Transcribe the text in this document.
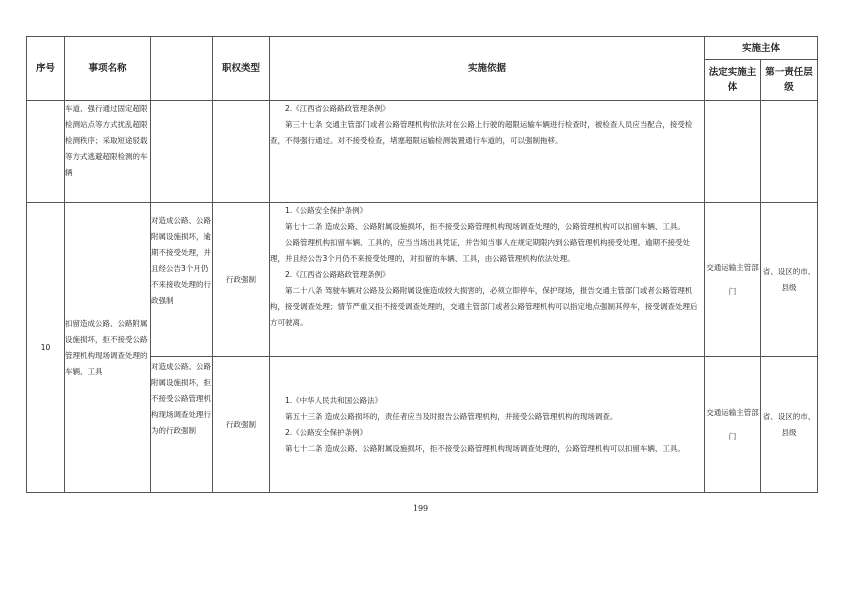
序号	事项名称		职权类型	实施依据	实施主体	
					法定实施主体	第一责任层级
	车道、强行通过固定超限检测站点等方式扰乱超限检测秩序；采取短途驳载等方式逃避超限检测的车辆			2.《江西省公路路政管理条例》

第三十七条 交通主管部门或者公路管理机构依法对在公路上行驶的超限运输车辆进行检查时，被检查人员应当配合，接受检查，不得强行通过。对不接受检查，堵塞超限运输检测装置通行车道的，可以强制拖移。		

10	扣留造成公路、公路附属设施损坏，拒不接受公路管理机构现场调查处理的车辆、工具	对造成公路、公路附属设施损坏，逾期不接受处理，并且经公告3个月仍不来接收处理的行政强制	行政强制	1.《公路安全保护条例》

第七十二条 造成公路、公路附属设施损坏，拒不接受公路管理机构现场调查处理的，公路管理机构可以扣留车辆、工具。

公路管理机构扣留车辆、工具的，应当当场出具凭证，并告知当事人在规定期限内到公路管理机构接受处理。逾期不接受处理，并且经公告3个月仍不来接受处理的，对扣留的车辆、工具，由公路管理机构依法处理。

2.《江西省公路路政管理条例》

第二十八条 驾驶车辆对公路及公路附属设施造成较大损害的，必须立即停车，保护现场，报告交通主管部门或者公路管理机构，接受调查处理；情节严重又拒不接受调查处理的，交通主管部门或者公路管理机构可以指定地点强制其停车，接受调查处理后方可驶离。	交通运输主管部门	省、设区的市、县级
		对造成公路、公路附属设施损坏，拒不接受公路管理机构现场调查处理行为的行政强制	行政强制	1.《中华人民共和国公路法》

第五十三条 造成公路损坏的，责任者应当及时报告公路管理机构，并接受公路管理机构的现场调查。

2.《公路安全保护条例》

第七十二条 造成公路、公路附属设施损坏，拒不接受公路管理机构现场调查处理的，公路管理机构可以扣留车辆、工具。	交通运输主管部门	省、设区的市、县级
199
